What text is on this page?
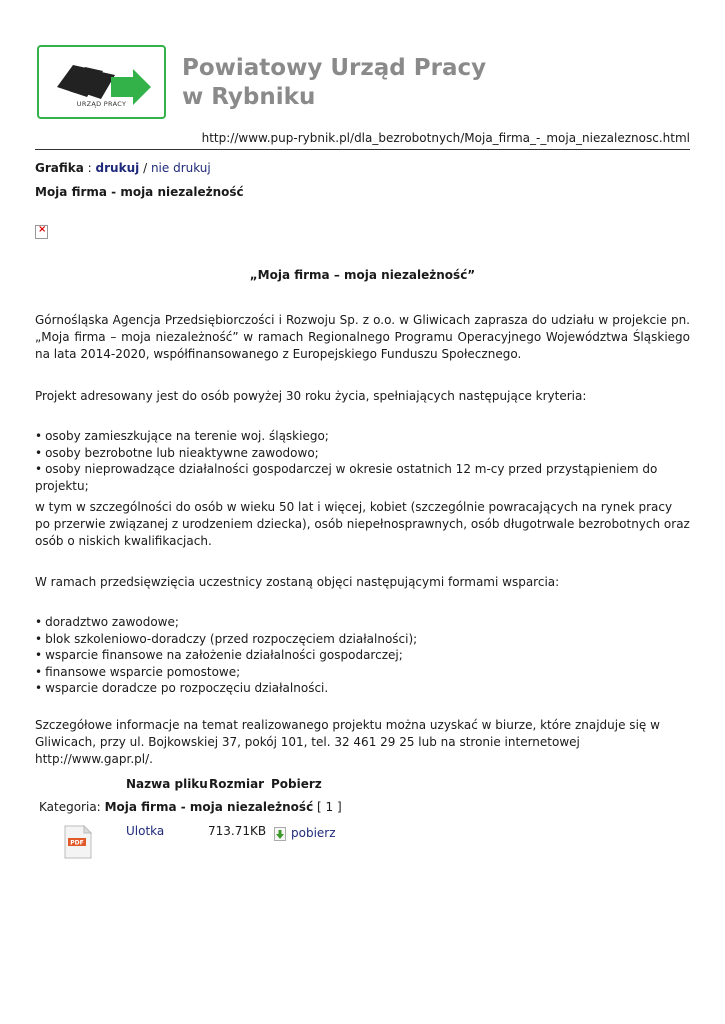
URZĄD PRACY
Powiatowy Urząd Pracy
w Rybniku
http://www.pup-rybnik.pl/dla_bezrobotnych/Moja_firma_-_moja_niezaleznosc.html
Grafika : drukuj / nie drukuj
Moja firma - moja niezależność
×
„Moja firma – moja niezależność”

Górnośląska Agencja Przedsiębiorczości i Rozwoju Sp. z o.o. w Gliwicach zaprasza do udziału w projekcie pn. „Moja firma – moja niezależność” w ramach Regionalnego Programu Operacyjnego Województwa Śląskiego na lata 2014-2020, współfinansowanego z Europejskiego Funduszu Społecznego.

Projekt adresowany jest do osób powyżej 30 roku życia, spełniających następujące kryteria:

• osoby zamieszkujące na terenie woj. śląskiego;
• osoby bezrobotne lub nieaktywne zawodowo;
• osoby nieprowadzące działalności gospodarczej w okresie ostatnich 12 m-cy przed przystąpieniem do projektu;

w tym w szczególności do osób w wieku 50 lat i więcej, kobiet (szczególnie powracających na rynek pracy po przerwie związanej z urodzeniem dziecka), osób niepełnosprawnych, osób długotrwale bezrobotnych oraz osób o niskich kwalifikacjach.

W ramach przedsięwzięcia uczestnicy zostaną objęci następującymi formami wsparcia:

• doradztwo zawodowe;
• blok szkoleniowo-doradczy (przed rozpoczęciem działalności);
• wsparcie finansowe na założenie działalności gospodarczej;
• finansowe wsparcie pomostowe;
• wsparcie doradcze po rozpoczęciu działalności.

Szczegółowe informacje na temat realizowanego projektu można uzyskać w biurze, które znajduje się w Gliwicach, przy ul. Bojkowskiej 37, pokój 101, tel. 32 461 29 25 lub na stronie internetowej http://www.gapr.pl/.

Nazwa pliku Rozmiar Pobierz
Kategoria: Moja firma - moja niezależność [ 1 ]
PDF
Ulotka	713.71KB pobierz
